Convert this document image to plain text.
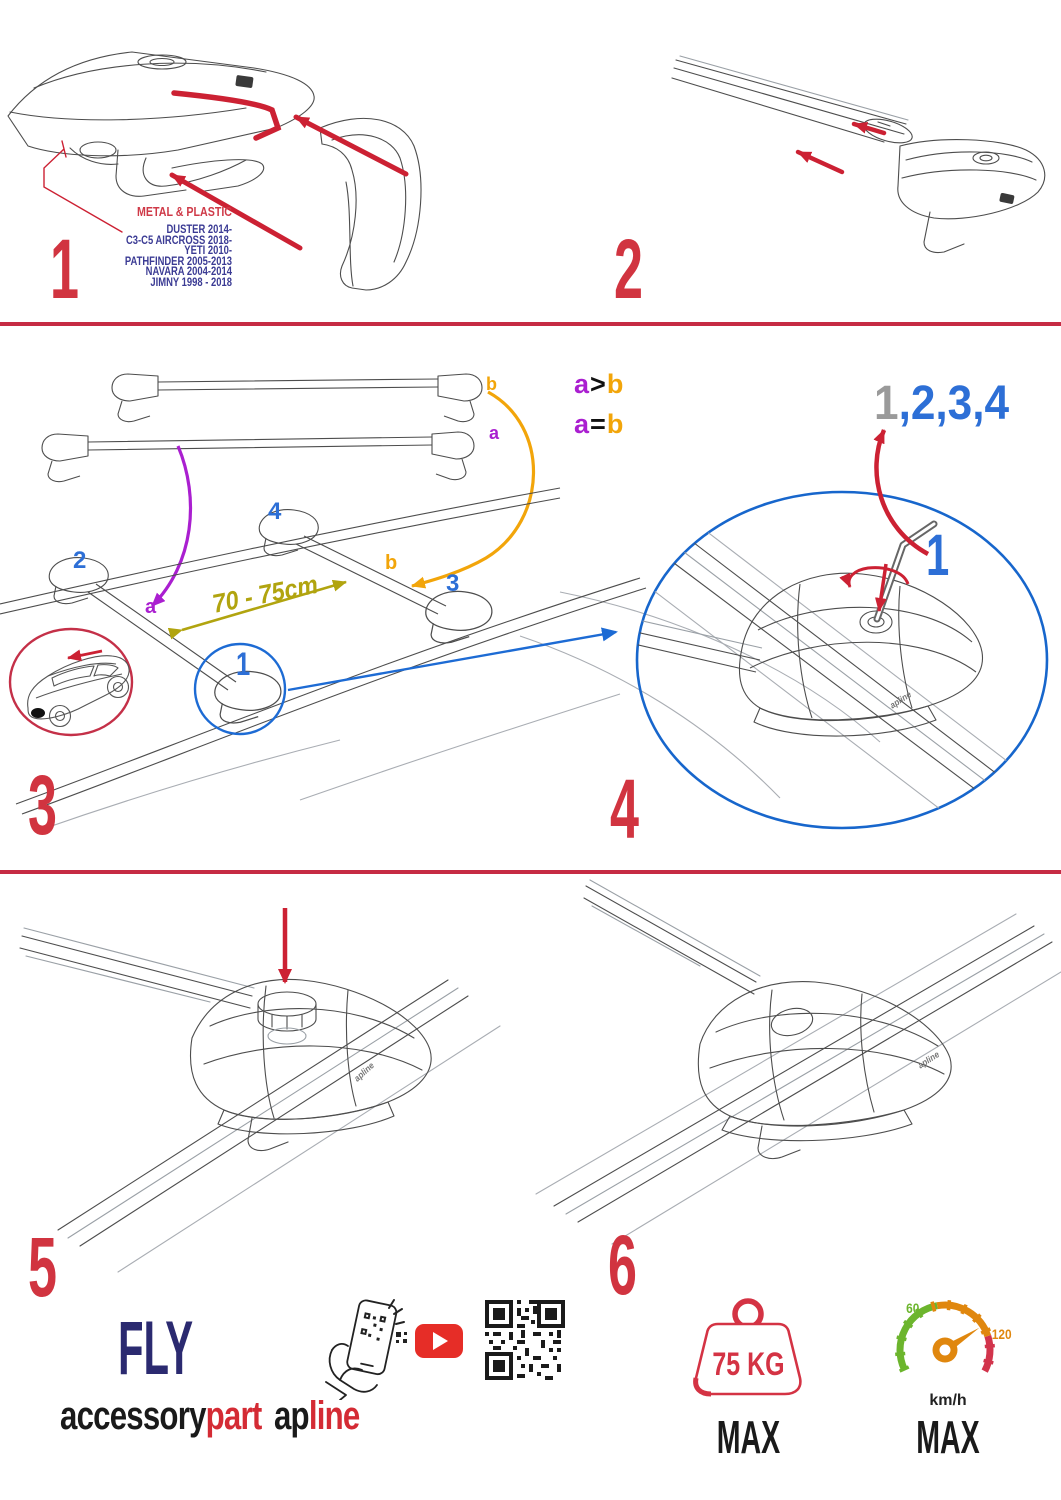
1	2
METAL & PLASTIC
DUSTER 2014-
C3-C5 AIRCROSS 2018-
YETI 2010-
PATHFINDER 2005-2013
NAVARA 2004-2014
JIMNY 1998 - 2018
b
a
a>b
a=b	1,2,3,4
2
4
b
3
a	70 - 75cm
1
1
apline
3	4
apline
apline
5	6
FLY
accessorypart apline
75 KG
MAX
60
120
km/h
MAX
